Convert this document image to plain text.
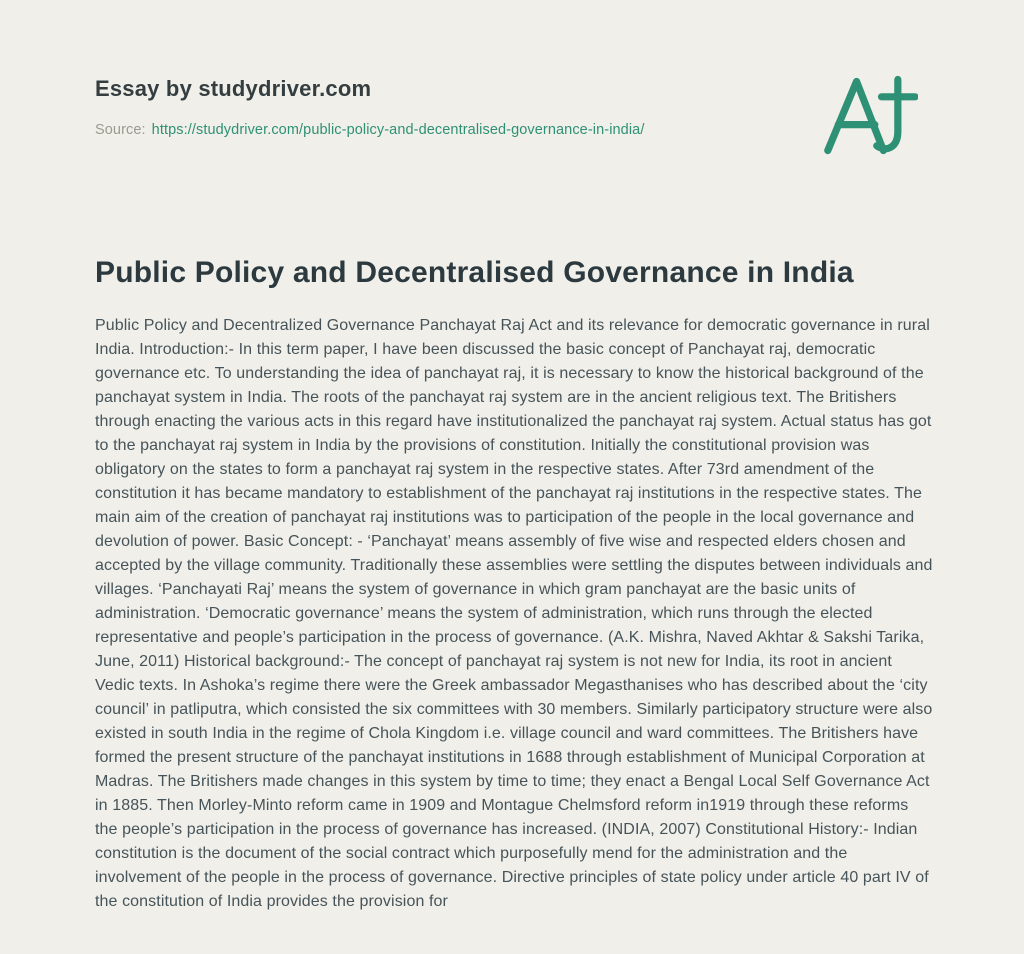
Essay by studydriver.com
Source: https://studydriver.com/public-policy-and-decentralised-governance-in-india/
Public Policy and Decentralised Governance in India
Public Policy and Decentralized Governance Panchayat Raj Act and its relevance for democratic governance in rural India. Introduction:- In this term paper, I have been discussed the basic concept of Panchayat raj, democratic governance etc. To understanding the idea of panchayat raj, it is necessary to know the historical background of the panchayat system in India. The roots of the panchayat raj system are in the ancient religious text. The Britishers through enacting the various acts in this regard have institutionalized the panchayat raj system. Actual status has got to the panchayat raj system in India by the provisions of constitution. Initially the constitutional provision was obligatory on the states to form a panchayat raj system in the respective states. After 73rd amendment of the constitution it has became mandatory to establishment of the panchayat raj institutions in the respective states. The main aim of the creation of panchayat raj institutions was to participation of the people in the local governance and devolution of power. Basic Concept: - ‘Panchayat’ means assembly of five wise and respected elders chosen and accepted by the village community. Traditionally these assemblies were settling the disputes between individuals and villages. ‘Panchayati Raj’ means the system of governance in which gram panchayat are the basic units of administration. ‘Democratic governance’ means the system of administration, which runs through the elected representative and people’s participation in the process of governance. (A.K. Mishra, Naved Akhtar & Sakshi Tarika, June, 2011) Historical background:- The concept of panchayat raj system is not new for India, its root in ancient Vedic texts. In Ashoka’s regime there were the Greek ambassador Megasthanises who has described about the ‘city council’ in patliputra, which consisted the six committees with 30 members. Similarly participatory structure were also existed in south India in the regime of Chola Kingdom i.e. village council and ward committees. The Britishers have formed the present structure of the panchayat institutions in 1688 through establishment of Municipal Corporation at Madras. The Britishers made changes in this system by time to time; they enact a Bengal Local Self Governance Act in 1885. Then Morley-Minto reform came in 1909 and Montague Chelmsford reform in1919 through these reforms the people’s participation in the process of governance has increased. (INDIA, 2007) Constitutional History:- Indian constitution is the document of the social contract which purposefully mend for the administration and the involvement of the people in the process of governance. Directive principles of state policy under article 40 part IV of the constitution of India provides the provision for
